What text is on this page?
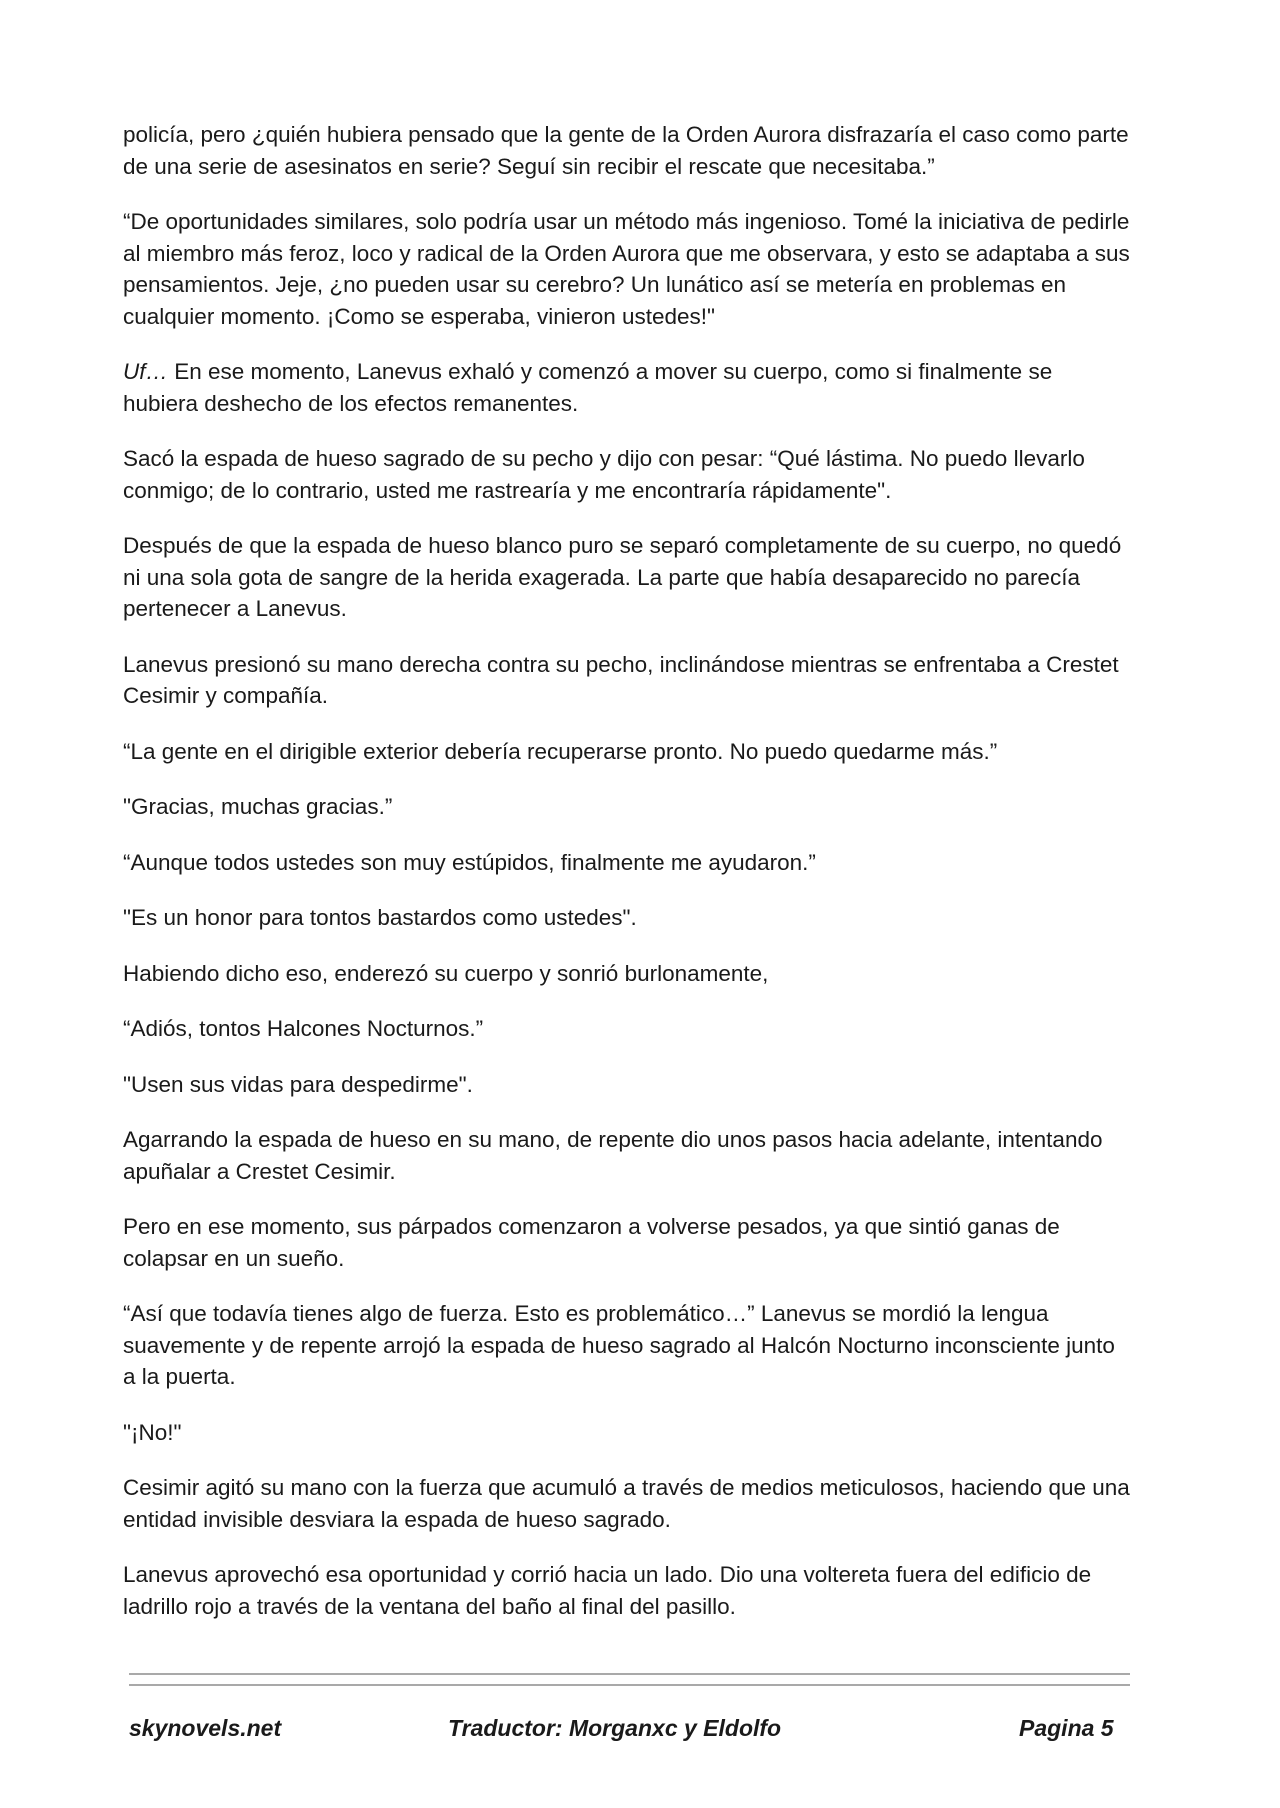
policía, pero ¿quién hubiera pensado que la gente de la Orden Aurora disfrazaría el caso como parte de una serie de asesinatos en serie? Seguí sin recibir el rescate que necesitaba.”

“De oportunidades similares, solo podría usar un método más ingenioso. Tomé la iniciativa de pedirle al miembro más feroz, loco y radical de la Orden Aurora que me observara, y esto se adaptaba a sus pensamientos. Jeje, ¿no pueden usar su cerebro? Un lunático así se metería en problemas en cualquier momento. ¡Como se esperaba, vinieron ustedes!"

Uf… En ese momento, Lanevus exhaló y comenzó a mover su cuerpo, como si finalmente se hubiera deshecho de los efectos remanentes.

Sacó la espada de hueso sagrado de su pecho y dijo con pesar: “Qué lástima. No puedo llevarlo conmigo; de lo contrario, usted me rastrearía y me encontraría rápidamente".

Después de que la espada de hueso blanco puro se separó completamente de su cuerpo, no quedó ni una sola gota de sangre de la herida exagerada. La parte que había desaparecido no parecía pertenecer a Lanevus.

Lanevus presionó su mano derecha contra su pecho, inclinándose mientras se enfrentaba a Crestet Cesimir y compañía.

“La gente en el dirigible exterior debería recuperarse pronto. No puedo quedarme más.”

"Gracias, muchas gracias.”

“Aunque todos ustedes son muy estúpidos, finalmente me ayudaron.”

"Es un honor para tontos bastardos como ustedes".

Habiendo dicho eso, enderezó su cuerpo y sonrió burlonamente,

“Adiós, tontos Halcones Nocturnos.”

"Usen sus vidas para despedirme".

Agarrando la espada de hueso en su mano, de repente dio unos pasos hacia adelante, intentando apuñalar a Crestet Cesimir.

Pero en ese momento, sus párpados comenzaron a volverse pesados, ya que sintió ganas de colapsar en un sueño.

“Así que todavía tienes algo de fuerza. Esto es problemático…” Lanevus se mordió la lengua suavemente y de repente arrojó la espada de hueso sagrado al Halcón Nocturno inconsciente junto a la puerta.

"¡No!"

Cesimir agitó su mano con la fuerza que acumuló a través de medios meticulosos, haciendo que una entidad invisible desviara la espada de hueso sagrado.

Lanevus aprovechó esa oportunidad y corrió hacia un lado. Dio una voltereta fuera del edificio de ladrillo rojo a través de la ventana del baño al final del pasillo.

skynovels.net	Traductor: Morganxc y Eldolfo	Pagina 5
